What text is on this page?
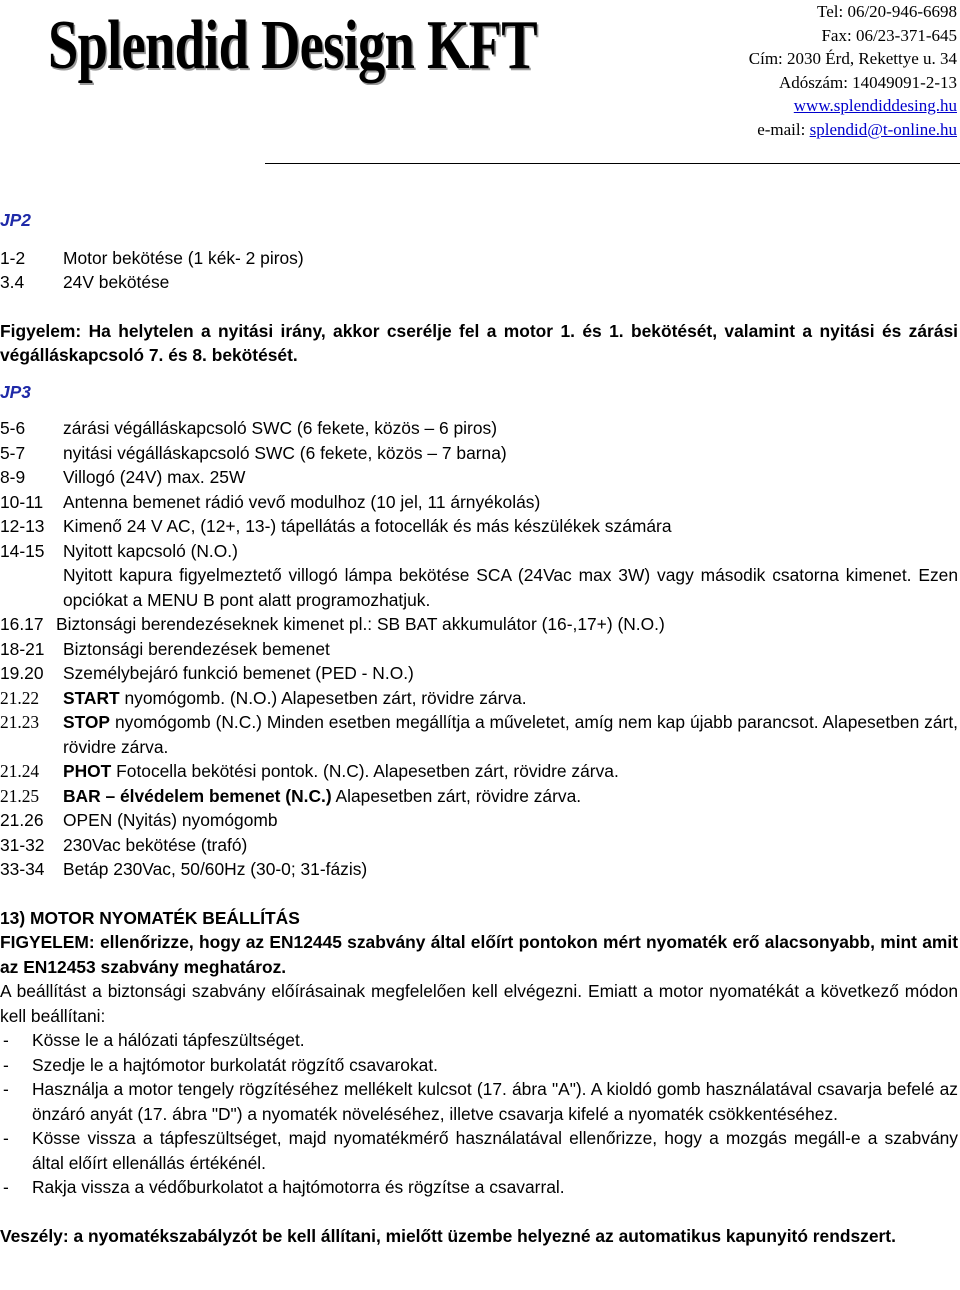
Splendid Design KFT	Tel: 06/20-946-6698
Fax: 06/23-371-645
Cím: 2030 Érd, Rekettye u. 34
Adószám: 14049091-2-13
www.splendiddesing.hu
e-mail: splendid@t-online.hu

JP2

1-2	Motor bekötése (1 kék- 2 piros)
3.4	24V bekötése

Figyelem: Ha helytelen a nyitási irány, akkor cserélje fel a motor 1. és 1. bekötését, valamint a nyitási és zárási végálláskapcsoló 7. és 8. bekötését.

JP3

5-6	zárási végálláskapcsoló SWC (6 fekete, közös – 6 piros)
5-7	nyitási végálláskapcsoló SWC (6 fekete, közös – 7 barna)
8-9	Villogó (24V) max. 25W
10-11	Antenna bemenet rádió vevő modulhoz (10 jel, 11 árnyékolás)
12-13	Kimenő 24 V AC, (12+, 13-) tápellátás a fotocellák és más készülékek számára
14-15	Nyitott kapcsoló (N.O.)

Nyitott kapura figyelmeztető villogó lámpa bekötése SCA (24Vac max 3W) vagy második csatorna kimenet. Ezen opciókat a MENU B pont alatt programozhatjuk.

16.17 Biztonsági berendezéseknek kimenet pl.: SB BAT akkumulátor (16-,17+) (N.O.)
18-21	Biztonsági berendezések bemenet
19.20	Személybejáró funkció bemenet (PED - N.O.)
21.22	START nyomógomb. (N.O.) Alapesetben zárt, rövidre zárva.
21.23	STOP nyomógomb (N.C.) Minden esetben megállítja a műveletet, amíg nem kap újabb parancsot. Alapesetben zárt, rövidre zárva.
21.24	PHOT Fotocella bekötési pontok. (N.C). Alapesetben zárt, rövidre zárva.
21.25	BAR – élvédelem bemenet (N.C.) Alapesetben zárt, rövidre zárva.
21.26	OPEN (Nyitás) nyomógomb
31-32	230Vac bekötése (trafó)
33-34	Betáp 230Vac, 50/60Hz (30-0; 31-fázis)

13) MOTOR NYOMATÉK BEÁLLÍTÁS

FIGYELEM: ellenőrizze, hogy az EN12445 szabvány által előírt pontokon mért nyomaték erő alacsonyabb, mint amit az EN12453 szabvány meghatároz.

A beállítást a biztonsági szabvány előírásainak megfelelően kell elvégezni. Emiatt a motor nyomatékát a következő módon kell beállítani:

-	Kösse le a hálózati tápfeszültséget.
-	Szedje le a hajtómotor burkolatát rögzítő csavarokat.
-	Használja a motor tengely rögzítéséhez mellékelt kulcsot (17. ábra "A"). A kioldó gomb használatával csavarja befelé az önzáró anyát (17. ábra "D") a nyomaték növeléséhez, illetve csavarja kifelé a nyomaték csökkentéséhez.
-	Kösse vissza a tápfeszültséget, majd nyomatékmérő használatával ellenőrizze, hogy a mozgás megáll-e a szabvány által előírt ellenállás értékénél.
-	Rakja vissza a védőburkolatot a hajtómotorra és rögzítse a csavarral.

Veszély: a nyomatékszabályzót be kell állítani, mielőtt üzembe helyezné az automatikus kapunyitó rendszert.
